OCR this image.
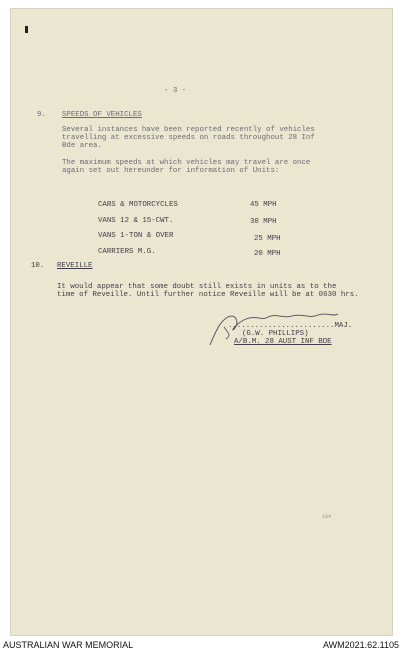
- 3 -
9. SPEEDS OF VEHICLES
Several instances have been reported recently of vehicles
travelling at excessive speeds on roads throughout 28 Inf
Bde area.
The maximum speeds at which vehicles may travel are once
again set out hereunder for information of Units:
CARS & MOTORCYCLES	45 MPH
VANS 12 & 15-CWT.	30 MPH
VANS 1-TON & OVER	25 MPH
CARRIERS M.G.	20 MPH
10. REVEILLE
It would appear that some doubt still exists in units as to the
time of Reveille. Until further notice Reveille will be at 0630 hrs.
........................MAJ.
(G.W. PHILLIPS)
A/B.M. 28 AUST INF BDE
104
AUSTRALIAN WAR MEMORIAL	AWM2021.62.1105
